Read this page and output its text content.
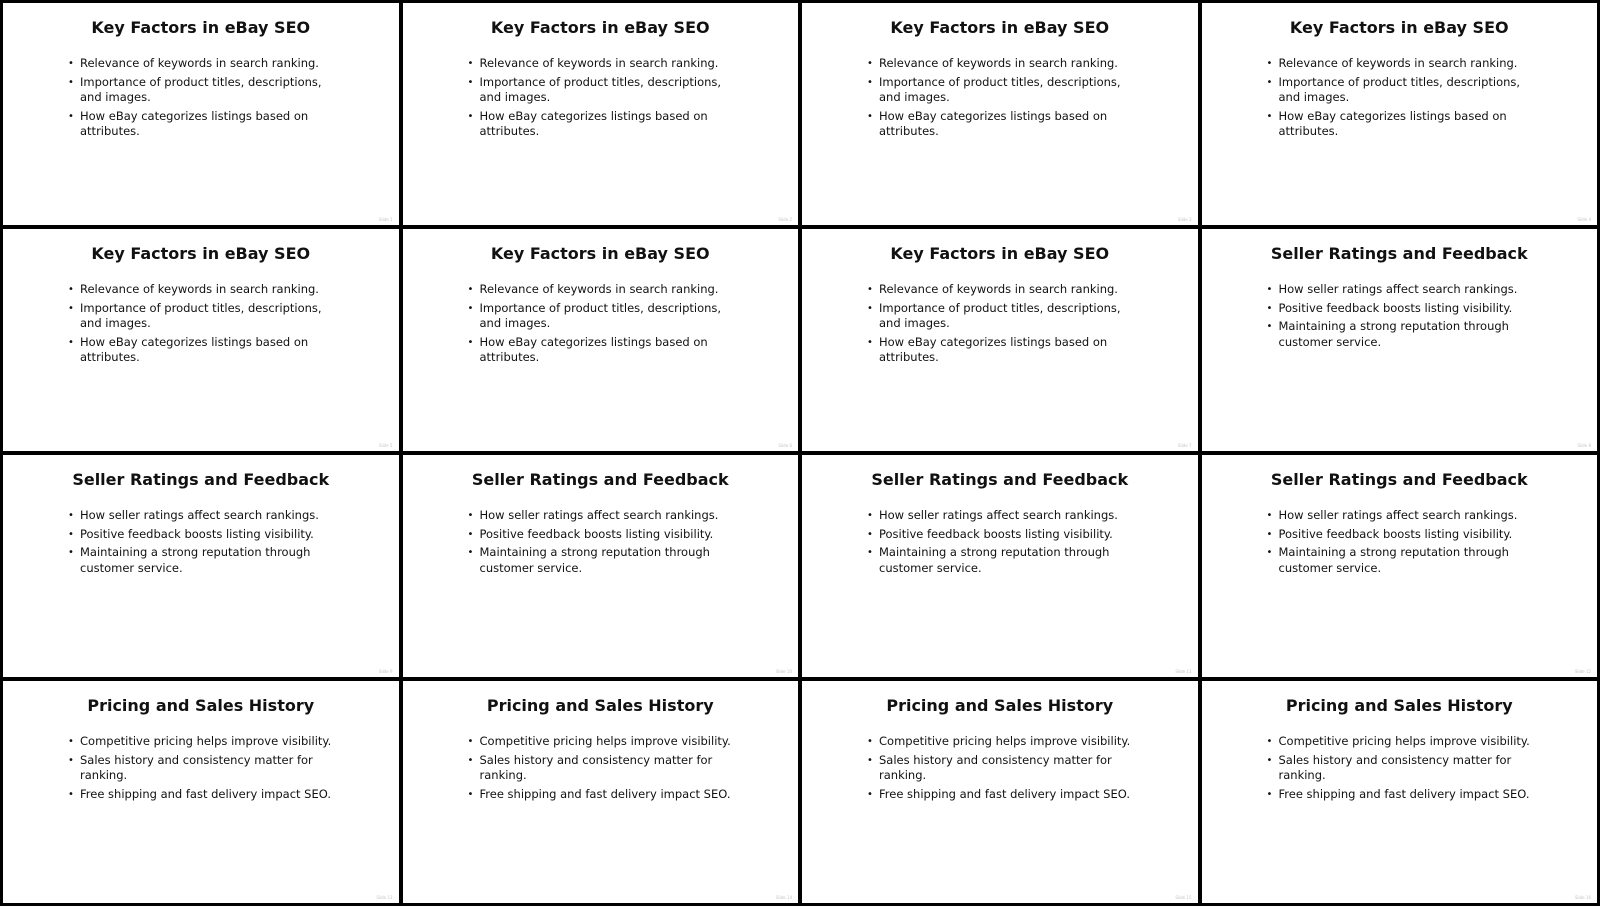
Key Factors in eBay SEO
• Relevance of keywords in search ranking.
• Importance of product titles, descriptions, and images.
• How eBay categorizes listings based on attributes.
Slide 1
Key Factors in eBay SEO
• Relevance of keywords in search ranking.
• Importance of product titles, descriptions, and images.
• How eBay categorizes listings based on attributes.
Slide 2
Key Factors in eBay SEO
• Relevance of keywords in search ranking.
• Importance of product titles, descriptions, and images.
• How eBay categorizes listings based on attributes.
Slide 3
Key Factors in eBay SEO
• Relevance of keywords in search ranking.
• Importance of product titles, descriptions, and images.
• How eBay categorizes listings based on attributes.
Slide 4
Key Factors in eBay SEO
• Relevance of keywords in search ranking.
• Importance of product titles, descriptions, and images.
• How eBay categorizes listings based on attributes.
Slide 5
Key Factors in eBay SEO
• Relevance of keywords in search ranking.
• Importance of product titles, descriptions, and images.
• How eBay categorizes listings based on attributes.
Slide 6
Key Factors in eBay SEO
• Relevance of keywords in search ranking.
• Importance of product titles, descriptions, and images.
• How eBay categorizes listings based on attributes.
Slide 7
Seller Ratings and Feedback
• How seller ratings affect search rankings.
• Positive feedback boosts listing visibility.
• Maintaining a strong reputation through customer service.
Slide 8
Seller Ratings and Feedback
• How seller ratings affect search rankings.
• Positive feedback boosts listing visibility.
• Maintaining a strong reputation through customer service.
Slide 9
Seller Ratings and Feedback
• How seller ratings affect search rankings.
• Positive feedback boosts listing visibility.
• Maintaining a strong reputation through customer service.
Slide 10
Seller Ratings and Feedback
• How seller ratings affect search rankings.
• Positive feedback boosts listing visibility.
• Maintaining a strong reputation through customer service.
Slide 11
Seller Ratings and Feedback
• How seller ratings affect search rankings.
• Positive feedback boosts listing visibility.
• Maintaining a strong reputation through customer service.
Slide 12
Pricing and Sales History
• Competitive pricing helps improve visibility.
• Sales history and consistency matter for ranking.
• Free shipping and fast delivery impact SEO.
Slide 13
Pricing and Sales History
• Competitive pricing helps improve visibility.
• Sales history and consistency matter for ranking.
• Free shipping and fast delivery impact SEO.
Slide 14
Pricing and Sales History
• Competitive pricing helps improve visibility.
• Sales history and consistency matter for ranking.
• Free shipping and fast delivery impact SEO.
Slide 15
Pricing and Sales History
• Competitive pricing helps improve visibility.
• Sales history and consistency matter for ranking.
• Free shipping and fast delivery impact SEO.
Slide 16
